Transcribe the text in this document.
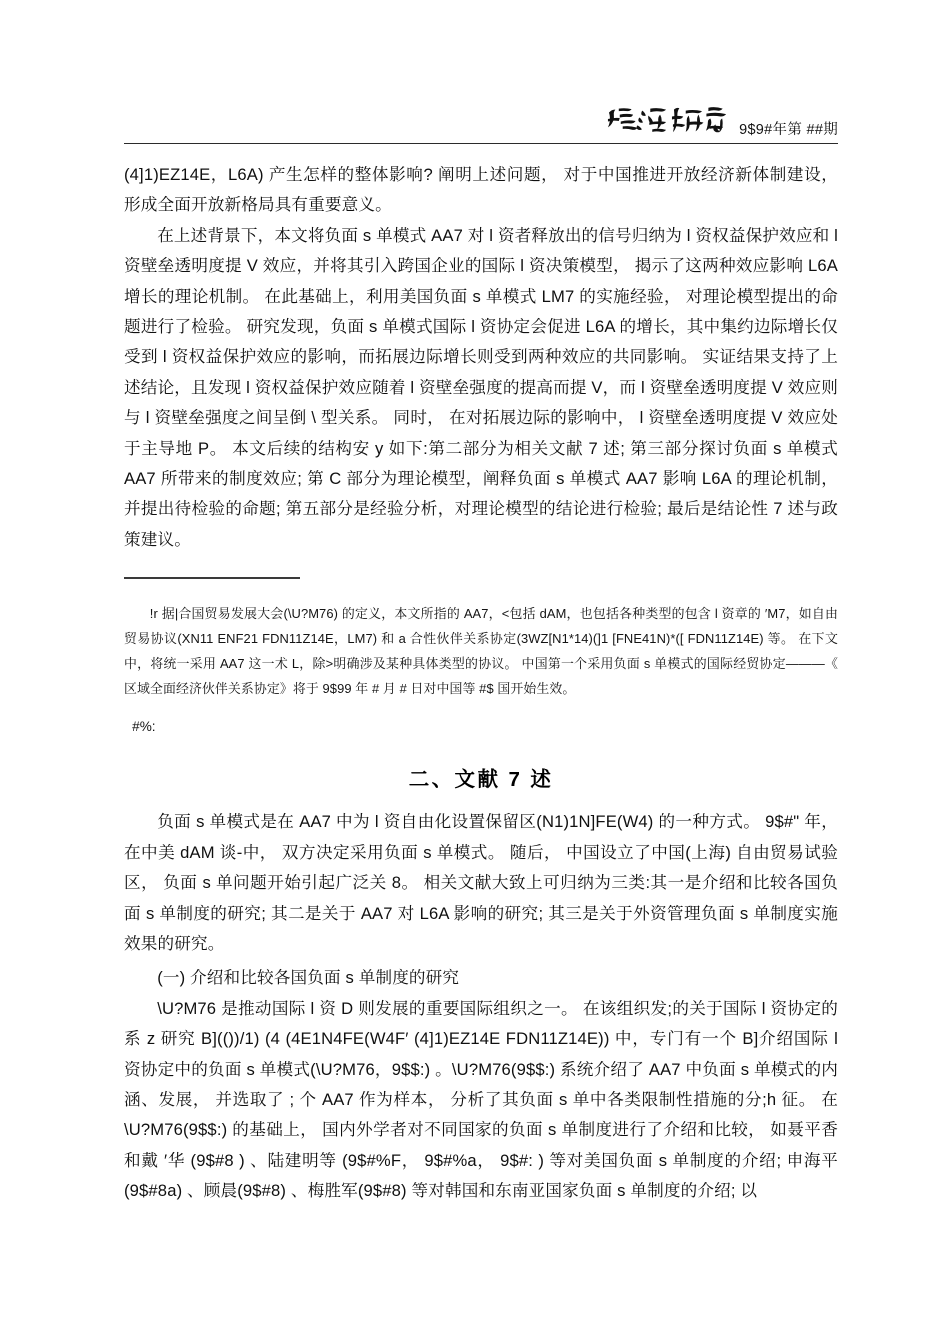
9$9#年第 ##期

(4]1)EZ14E，L6A) 产生怎样的整体影响? 阐明上述问题， 对于中国推进开放经济新体制建设，形成全面开放新格局具有重要意义。

在上述背景下，本文将负面 s 单模式 AA7 对 l 资者释放出的信号归纳为 l 资权益保护效应和 l 资壁垒透明度提 V 效应，并将其引入跨国企业的国际 l 资决策模型， 揭示了这两种效应影响 L6A 增长的理论机制。 在此基础上，利用美国负面 s 单模式 LM7 的实施经验， 对理论模型提出的命题进行了检验。 研究发现，负面 s 单模式国际 l 资协定会促进 L6A 的增长，其中集约边际增长仅受到 l 资权益保护效应的影响，而拓展边际增长则受到两种效应的共同影响。 实证结果支持了上述结论，且发现 l 资权益保护效应随着 l 资壁垒强度的提高而提 V，而 l 资壁垒透明度提 V 效应则与 l 资壁垒强度之间呈倒 \ 型关系。 同时， 在对拓展边际的影响中， l 资壁垒透明度提 V 效应处于主导地 P。 本文后续的结构安 y 如下:第二部分为相关文献 7 述; 第三部分探讨负面 s 单模式 AA7 所带来的制度效应; 第 C 部分为理论模型，阐释负面 s 单模式 AA7 影响 L6A 的理论机制， 并提出待检验的命题; 第五部分是经验分析，对理论模型的结论进行检验; 最后是结论性 7 述与政策建议。

!r 据|合国贸易发展大会(\U?M76) 的定义，本文所指的 AA7，<包括 dAM，也包括各种类型的包含 l 资章的 ′M7，如自由贸易协议(XN11 ENF21 FDN11Z14E，LM7) 和 a 合性伙伴关系协定(3WZ[N1*14)(]1 [FNE41N)*([ FDN11Z14E) 等。 在下文中，将统一采用 AA7 这一术 L，除>明确涉及某种具体类型的协议。 中国第一个采用负面 s 单模式的国际经贸协定———《 区域全面经济伙伴关系协定》将于 9$99 年 # 月 # 日对中国等 #$ 国开始生效。

#%:

二、文献 7 述

负面 s 单模式是在 AA7 中为 l 资自由化设置保留区(N1)1N]FE(W4) 的一种方式。 9$#" 年，在中美 dAM 谈-中， 双方决定采用负面 s 单模式。 随后， 中国设立了中国(上海) 自由贸易试验区， 负面 s 单问题开始引起广泛关 8。 相关文献大致上可归纳为三类:其一是介绍和比较各国负面 s 单制度的研究; 其二是关于 AA7 对 L6A 影响的研究; 其三是关于外资管理负面 s 单制度实施效果的研究。

(一) 介绍和比较各国负面 s 单制度的研究

\U?M76 是推动国际 l 资 D 则发展的重要国际组织之一。 在该组织发;的关于国际 l 资协定的系 z 研究 B](())/1) (4 (4E1N4FE(W4F′ (4]1)EZ14E FDN11Z14E)) 中，专门有一个 B]介绍国际 l 资协定中的负面 s 单模式(\U?M76，9$$:) 。\U?M76(9$$:) 系统介绍了 AA7 中负面 s 单模式的内涵、发展， 并选取了 ; 个 AA7 作为样本， 分析了其负面 s 单中各类限制性措施的分;h 征。 在 \U?M76(9$$:) 的基础上， 国内外学者对不同国家的负面 s 单制度进行了介绍和比较， 如聂平香和戴 ′华 (9$#8 ) 、陆建明等 (9$#%F， 9$#%a， 9$#: ) 等对美国负面 s 单制度的介绍; 申海平 (9$#8a) 、顾晨(9$#8) 、梅胜军(9$#8) 等对韩国和东南亚国家负面 s 单制度的介绍; 以
